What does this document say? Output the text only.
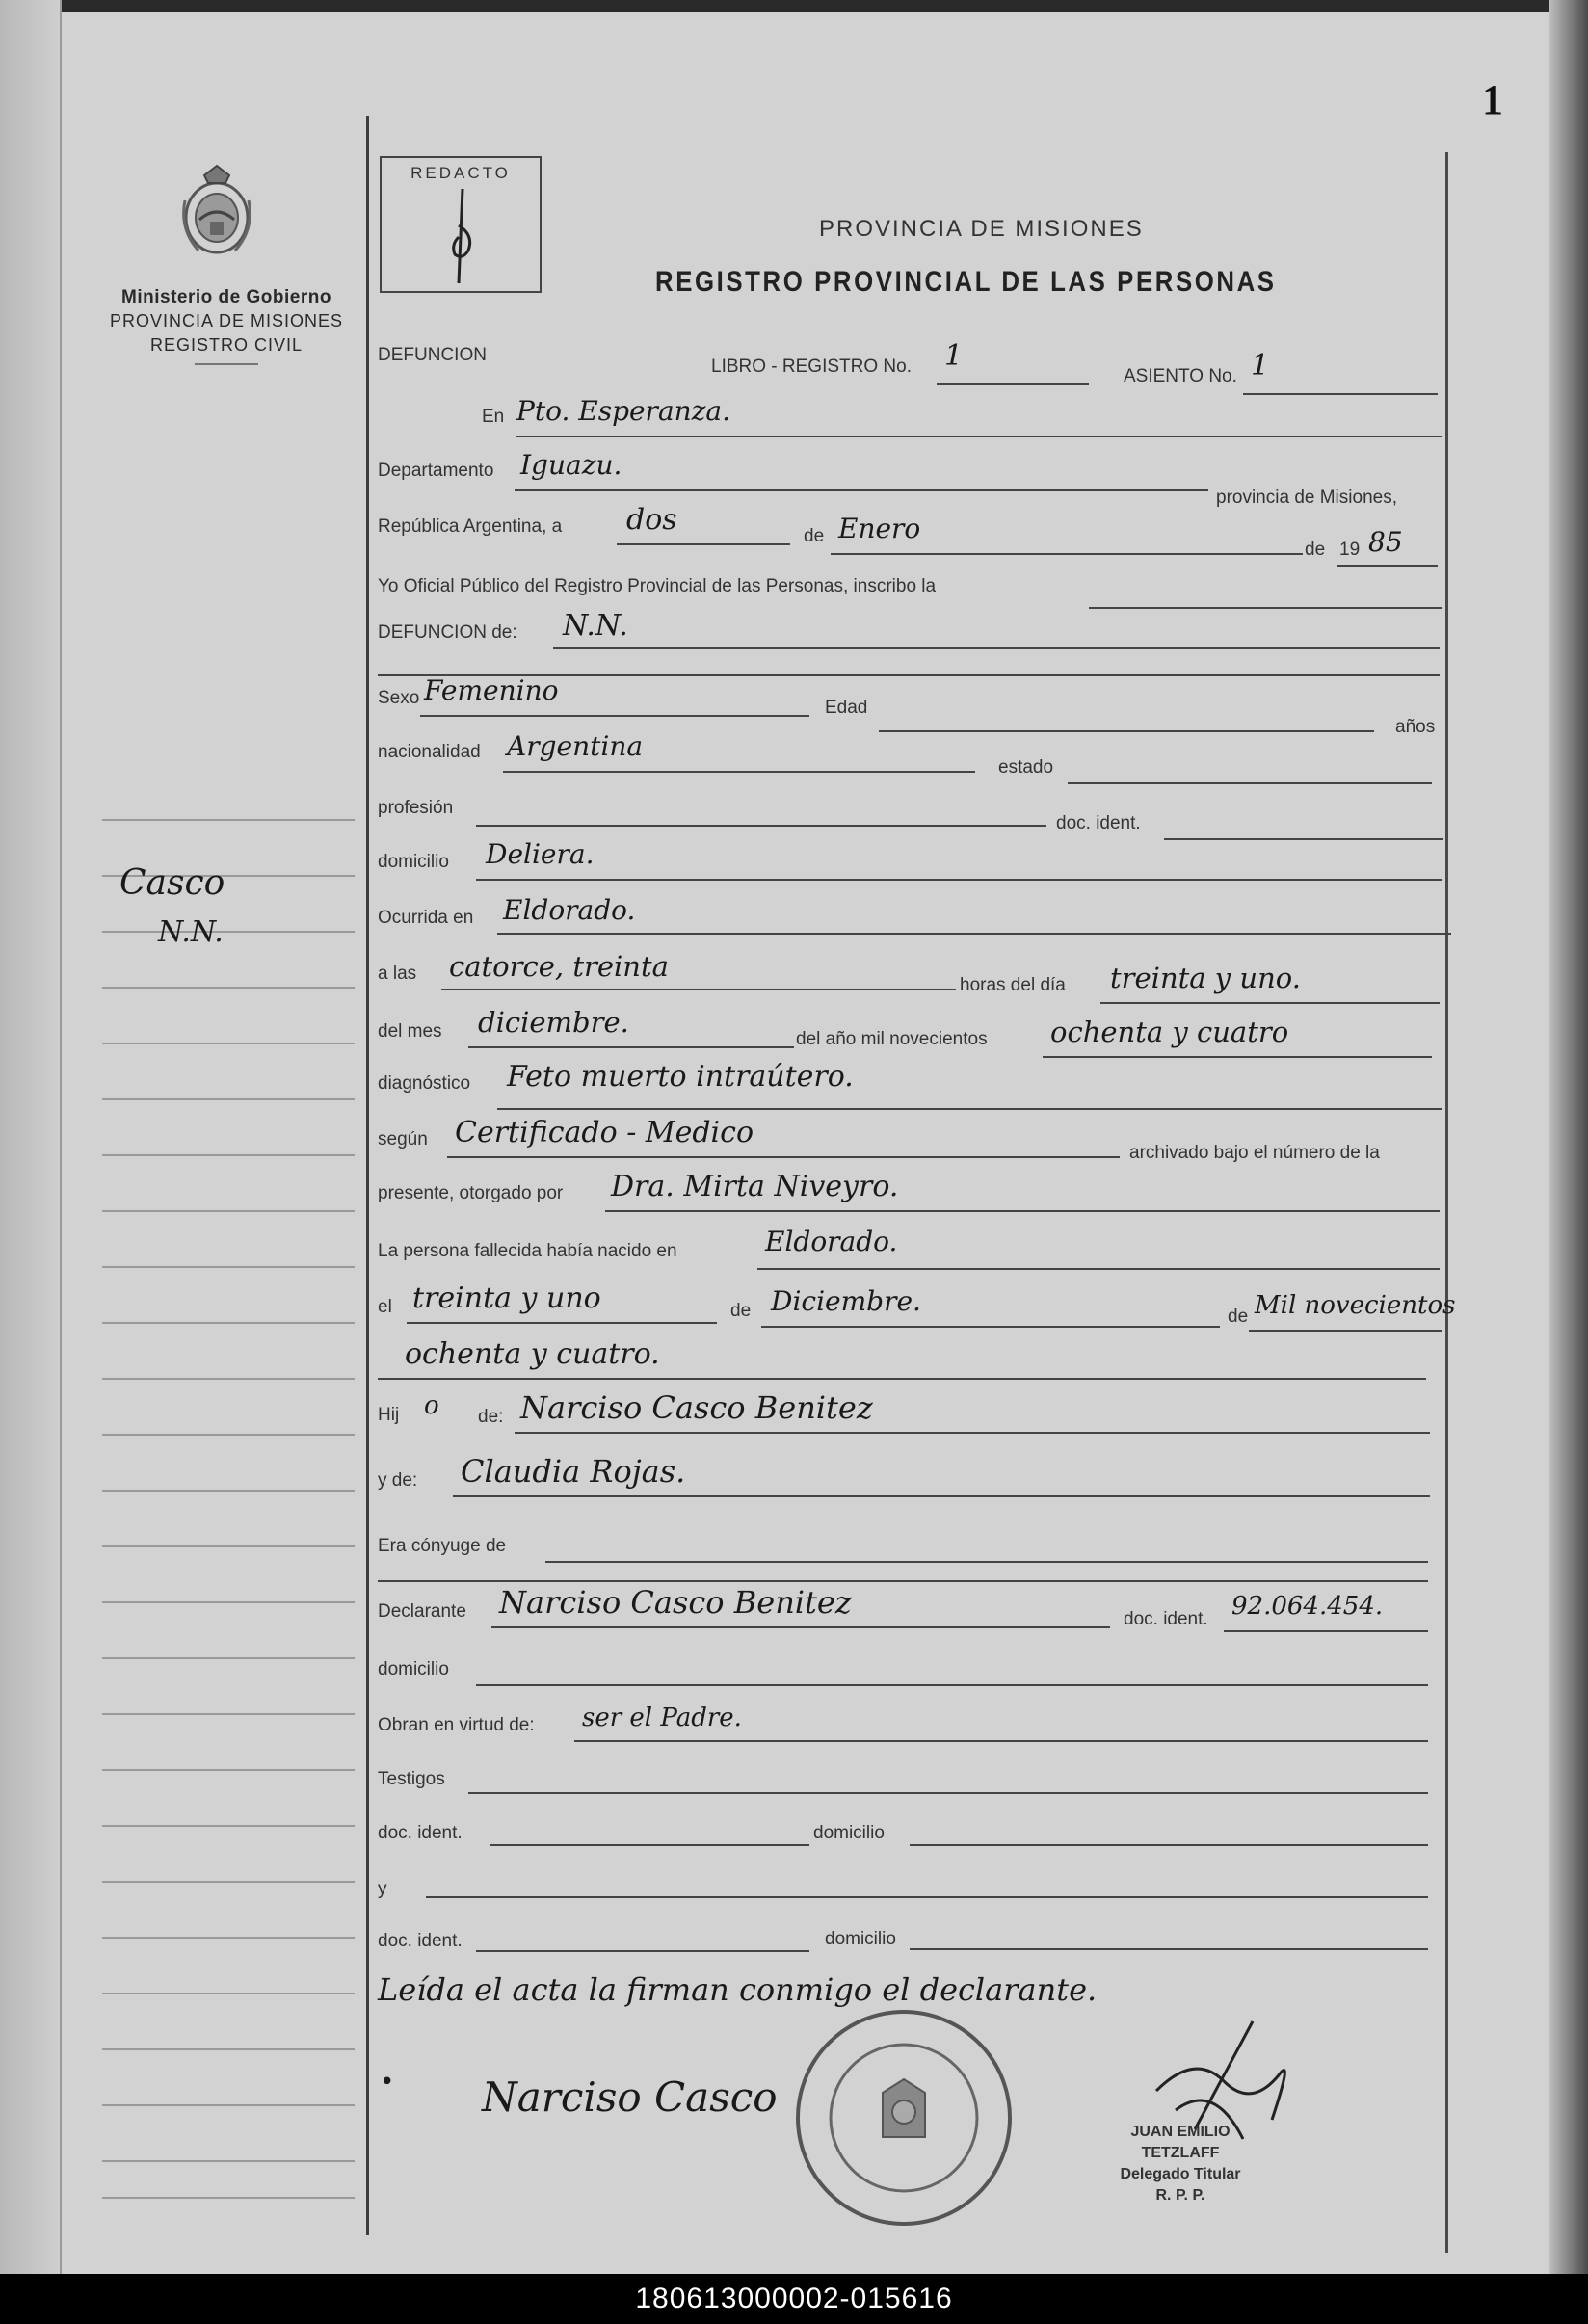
1
Ministerio de Gobierno
PROVINCIA DE MISIONES
REGISTRO CIVIL
REDACTO
PROVINCIA DE MISIONES
REGISTRO PROVINCIAL DE LAS PERSONAS
Casco
N.N.
DEFUNCION
LIBRO - REGISTRO No. 1
ASIENTO No. 1
En Pto. Esperanza.
Departamento Iguazu.
provincia de Misiones,
República Argentina, a dos	de Enero
de 19 85
Yo Oficial Público del Registro Provincial de las Personas, inscribo la
DEFUNCION de: N.N.
Sexo Femenino
Edad
años
nacionalidad Argentina
estado
profesión
doc. ident.
domicilio Deliera.
Ocurrida en Eldorado.
a las catorce, treinta
horas del día treinta y uno.
del mes diciembre.
del año mil novecientos ochenta y cuatro
diagnóstico Feto muerto intraútero.
según Certificado - Medico
archivado bajo el número de la
presente, otorgado por Dra. Mirta Niveyro.
La persona fallecida había nacido en	Eldorado.
el treinta y uno	de Diciembre.	de Mil novecientos
ochenta y cuatro.
Hij o de: Narciso Casco Benitez
y de: Claudia Rojas.
Era cónyuge de
Declarante Narciso Casco Benitez	doc. ident. 92.064.454.
domicilio
Obran en virtud de: ser el Padre.
Testigos
doc. ident.	domicilio
y
doc. ident.	domicilio
Leída el acta la firman conmigo el declarante.
• Narciso Casco
JUAN EMILIO TETZLAFF
Delegado Titular
R. P. P.
180613000002-015616
